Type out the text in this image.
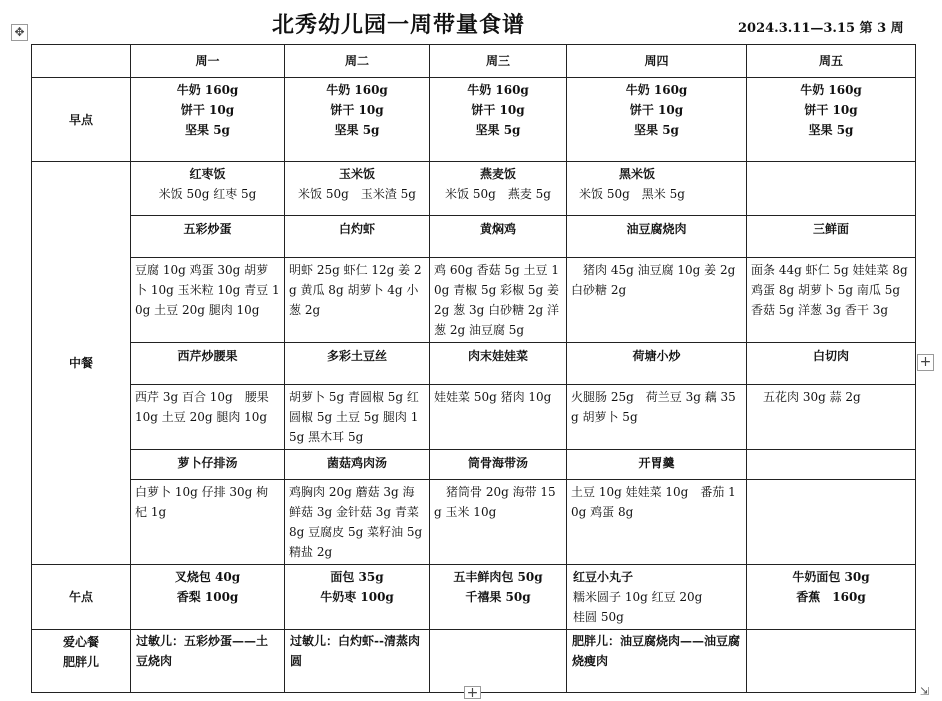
✥	北秀幼儿园一周带量食谱	2024.3.11—3.15 第 3 周
	周一	周二	周三	周四	周五
早点	牛奶 160g
饼干 10g
坚果 5g	牛奶 160g
饼干 10g
坚果 5g	牛奶 160g
饼干 10g
坚果 5g	牛奶 160g
饼干 10g
坚果 5g	牛奶 160g
饼干 10g
坚果 5g

中餐	红枣饭
米饭 50g 红枣 5g	玉米饭
米饭 50g　玉米渣 5g	燕麦饭
米饭 50g　燕麦 5g	黑米饭
米饭 50g　黑米 5g	

	五彩炒蛋	白灼虾	黄焖鸡	油豆腐烧肉	三鲜面
	豆腐 10g 鸡蛋 30g 胡萝卜 10g 玉米粒 10g 青豆 10g 土豆 20g 腿肉 10g	明虾 25g 虾仁 12g 姜 2g 黄瓜 8g 胡萝卜 4g 小葱 2g	鸡 60g 香菇 5g 土豆 10g 青椒 5g 彩椒 5g 姜 2g 葱 3g 白砂糖 2g 洋葱 2g 油豆腐 5g	猪肉 45g 油豆腐 10g 姜 2g 白砂糖 2g	面条 44g 虾仁 5g 娃娃菜 8g 鸡蛋 8g 胡萝卜 5g 南瓜 5g 香菇 5g 洋葱 3g 香干 3g
	西芹炒腰果	多彩土豆丝	肉末娃娃菜	荷塘小炒	白切肉
	西芹 3g 百合 10g　腰果 10g 土豆 20g 腿肉 10g	胡萝卜 5g 青圆椒 5g 红圆椒 5g 土豆 5g 腿肉 15g 黑木耳 5g	娃娃菜 50g 猪肉 10g	火腿肠 25g　荷兰豆 3g 藕 35g 胡萝卜 5g	五花肉 30g 蒜 2g
	萝卜仔排汤	菌菇鸡肉汤	筒骨海带汤	开胃羹	
	白萝卜 10g 仔排 30g 枸杞 1g	鸡胸肉 20g 蘑菇 3g 海鲜菇 3g 金针菇 3g 青菜 8g 豆腐皮 5g 菜籽油 5g 精盐 2g	猪筒骨 20g 海带 15g 玉米 10g	土豆 10g 娃娃菜 10g　番茄 10g 鸡蛋 8g	
午点	叉烧包 40g
香梨 100g	面包 35g
牛奶枣 100g	五丰鲜肉包 50g
千禧果 50g	红豆小丸子
糯米圆子 10g 红豆 20g
桂圆 50g	牛奶面包 30g
香蕉　160g

爱心餐
肥胖儿	过敏儿：五彩炒蛋——土豆烧肉	过敏儿：白灼虾--清蒸肉圆		肥胖儿：油豆腐烧肉——油豆腐烧瘦肉	
+
+	⇲
